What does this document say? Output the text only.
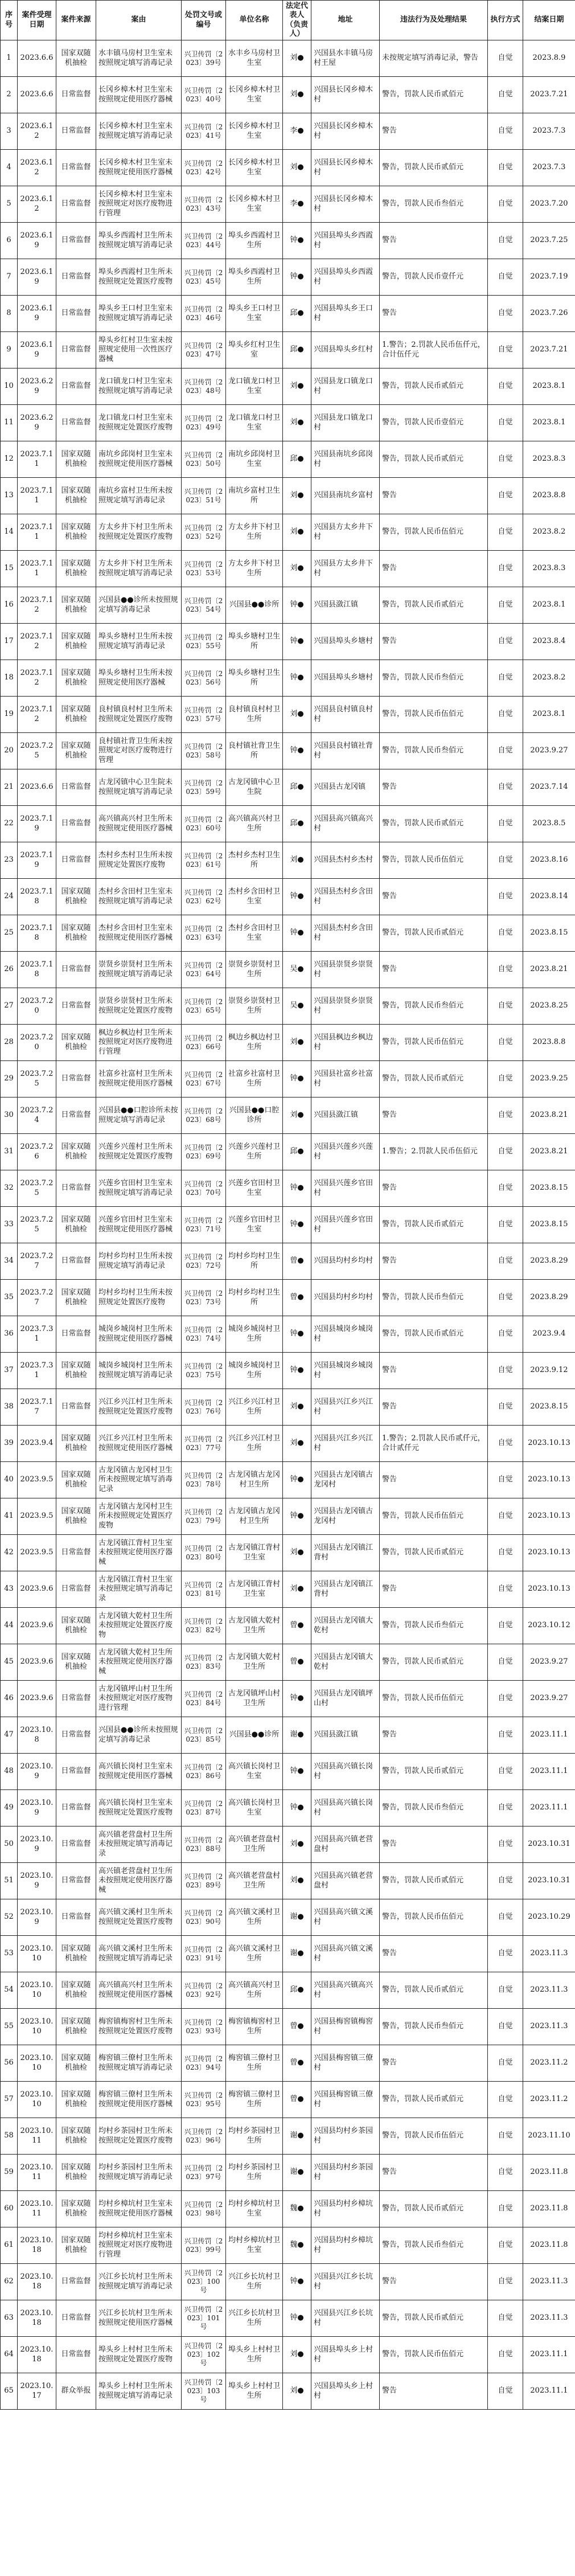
序号	案件受理日期	案件来源	案由	处罚文号或编号	单位名称	法定代表人（负责人）	地址	违法行为及处理结果	执行方式	结案日期
1	2023.6.6	国家双随机抽检	水丰镇马房村卫生室未按照规定填写消毒记录	兴卫传罚〔2023〕39号	水丰乡马房村卫生室	刘●	兴国县水丰镇马房村王屋	未按规定填写消毒记录，警告	自觉	2023.8.9
2	2023.6.6	日常监督	长冈乡樟木村卫生室未按照规定使用医疗器械	兴卫传罚〔2023〕40号	长冈乡樟木村卫生室	刘●	兴国县长冈乡樟木村	警告，罚款人民币贰佰元	自觉	2023.7.21
3	2023.6.12	日常监督	长冈乡樟木村卫生室未按照规定填写消毒记录	兴卫传罚〔2023〕41号	长冈乡樟木村卫生室	李●	兴国县长冈乡樟木村	警告	自觉	2023.7.3
4	2023.6.12	日常监督	长冈乡樟木村卫生室未按照规定使用医疗器械	兴卫传罚〔2023〕42号	长冈乡樟木村卫生室	刘●	兴国县长冈乡樟木村	警告，罚款人民币贰佰元	自觉	2023.7.3
5	2023.6.12	日常监督	长冈乡樟木村卫生室未按照规定对医疗废物进行管理	兴卫传罚〔2023〕43号	长冈乡樟木村卫生室	李●	兴国县长冈乡樟木村	警告，罚款人民币叁佰元	自觉	2023.7.20
6	2023.6.19	日常监督	埠头乡西霞村卫生所未按照规定填写消毒记录	兴卫传罚〔2023〕44号	埠头乡西霞村卫生所	钟●	兴国县埠头乡西霞村	警告	自觉	2023.7.25
7	2023.6.19	日常监督	埠头乡西霞村卫生所未按照规定处置医疗废物	兴卫传罚〔2023〕45号	埠头乡西霞村卫生所	钟●	兴国县埠头乡西霞村	警告，罚款人民币壹仟元	自觉	2023.7.19
8	2023.6.19	日常监督	埠头乡王口村卫生室未按照规定填写消毒记录	兴卫传罚〔2023〕46号	埠头乡王口村卫生室	邱●	兴国县埠头乡王口村	警告	自觉	2023.7.26
9	2023.6.19	日常监督	埠头乡红村卫生室未按照规定使用一次性医疗器械	兴卫传罚〔2023〕47号	埠头乡红村卫生室	邱●	兴国县埠头乡红村	1.警告；2.罚款人民币伍仟元，合计伍仟元	自觉	2023.7.21
10	2023.6.29	日常监督	龙口镇龙口村卫生室未按照规定填写消毒记录	兴卫传罚〔2023〕48号	龙口镇龙口村卫生室	刘●	兴国县龙口镇龙口村	警告，罚款人民币贰佰元	自觉	2023.8.1
11	2023.6.29	日常监督	龙口镇龙口村卫生室未按照规定处置医疗废物	兴卫传罚〔2023〕49号	龙口镇龙口村卫生室	刘●	兴国县龙口镇龙口村	警告，罚款人民币壹佰元	自觉	2023.8.1
12	2023.7.11	国家双随机抽检	南坑乡邱岗村卫生室未按照规定使用医疗器械	兴卫传罚〔2023〕50号	南坑乡邱岗村卫生室	邱●	兴国县南坑乡邱岗村	警告，罚款人民币贰佰元	自觉	2023.8.3
13	2023.7.11	国家双随机抽检	南坑乡富村卫生所未按照规定填写消毒记录	兴卫传罚〔2023〕51号	南坑乡富村卫生所	刘●	兴国县南坑乡富村	警告	自觉	2023.8.8
14	2023.7.11	国家双随机抽检	方太乡井下村卫生所未按照规定处置医疗废物	兴卫传罚〔2023〕52号	方太乡井下村卫生所	刘●	兴国县方太乡井下村	警告，罚款人民币伍佰元	自觉	2023.8.2
15	2023.7.11	国家双随机抽检	方太乡井下村卫生所未按照规定填写消毒记录	兴卫传罚〔2023〕53号	方太乡井下村卫生所	刘●	兴国县方太乡井下村	警告	自觉	2023.8.3
16	2023.7.12	国家双随机抽检	兴国县●●诊所未按照规定填写消毒记录	兴卫传罚〔2023〕54号	兴国县●●诊所	钟●	兴国县潋江镇	警告，罚款人民币贰佰元	自觉	2023.8.1
17	2023.7.12	国家双随机抽检	埠头乡塘村卫生所未按照规定填写消毒记录	兴卫传罚〔2023〕55号	埠头乡塘村卫生所	钟●	兴国县埠头乡塘村	警告	自觉	2023.8.4
18	2023.7.12	国家双随机抽检	埠头乡塘村卫生所未按照规定使用医疗器械	兴卫传罚〔2023〕56号	埠头乡塘村卫生所	钟●	兴国县埠头乡塘村	警告，罚款人民币叁佰元	自觉	2023.8.2
19	2023.7.12	国家双随机抽检	良村镇良村村卫生所未按照规定处置医疗废物	兴卫传罚〔2023〕57号	良村镇良村村卫生所	刘●	兴国县良村镇良村村	警告，罚款人民币伍佰元	自觉	2023.8.1
20	2023.7.25	国家双随机抽检	良村镇社背卫生所未按照规定对医疗废物进行管理	兴卫传罚〔2023〕58号	良村镇社背卫生所	钟●	兴国县良村镇社背村	警告，罚款人民币叁佰元	自觉	2023.9.27
21	2023.6.6	日常监督	古龙冈镇中心卫生院未按照规定填写消毒记录	兴卫传罚〔2023〕59号	古龙冈镇中心卫生院	邱●	兴国县古龙冈镇	警告	自觉	2023.7.14
22	2023.7.19	日常监督	高兴镇高兴村卫生所未按照规定使用医疗器械	兴卫传罚〔2023〕60号	高兴镇高兴村卫生所	邱●	兴国县高兴镇高兴村	警告，罚款人民币贰佰元	自觉	2023.8.5
23	2023.7.19	日常监督	杰村乡杰村卫生所未按照规定处置医疗废物	兴卫传罚〔2023〕61号	杰村乡杰村卫生所	刘●	兴国县杰村乡杰村	警告，罚款人民币伍佰元	自觉	2023.8.16
24	2023.7.18	国家双随机抽检	杰村乡含田村卫生室未按照规定填写消毒记录	兴卫传罚〔2023〕62号	杰村乡含田村卫生室	钟●	兴国县杰村乡含田村	警告	自觉	2023.8.14
25	2023.7.18	国家双随机抽检	杰村乡含田村卫生室未按照规定使用医疗器械	兴卫传罚〔2023〕63号	杰村乡含田村卫生室	钟●	兴国县杰村乡含田村	警告，罚款人民币贰佰元	自觉	2023.8.15
26	2023.7.18	日常监督	崇贤乡崇贤村卫生所未按照规定填写消毒记录	兴卫传罚〔2023〕64号	崇贤乡崇贤村卫生所	吴●	兴国县崇贤乡崇贤村	警告	自觉	2023.8.21
27	2023.7.20	日常监督	崇贤乡崇贤村卫生所未按照规定处置医疗废物	兴卫传罚〔2023〕65号	崇贤乡崇贤村卫生所	吴●	兴国县崇贤乡崇贤村	警告，罚款人民币叁佰元	自觉	2023.8.25
28	2023.7.20	国家双随机抽检	枫边乡枫边村卫生所未按照规定对医疗废物进行管理	兴卫传罚〔2023〕66号	枫边乡枫边村卫生所	刘●	兴国县枫边乡枫边村	警告，罚款人民币伍佰元	自觉	2023.8.8
29	2023.7.25	日常监督	社富乡社富村卫生所未按照规定使用医疗器械	兴卫传罚〔2023〕67号	社富乡社富村卫生所	钟●	兴国县社富乡社富村	警告，罚款人民币贰佰元	自觉	2023.9.25
30	2023.7.24	日常监督	兴国县●●口腔诊所未按照规定填写消毒记录	兴卫传罚〔2023〕68号	兴国县●●口腔诊所	刘●	兴国县潋江镇	警告	自觉	2023.8.21
31	2023.7.26	国家双随机抽检	兴莲乡兴莲村卫生所未按照规定处置医疗废物	兴卫传罚〔2023〕69号	兴莲乡兴莲村卫生所	邱●	兴国县兴莲乡兴莲村	1.警告；2.罚款人民币伍佰元	自觉	2023.8.21
32	2023.7.25	日常监督	兴莲乡官田村卫生室未按照规定填写消毒记录	兴卫传罚〔2023〕70号	兴莲乡官田村卫生室	钟●	兴国县兴莲乡官田村	警告	自觉	2023.8.15
33	2023.7.25	国家双随机抽检	兴莲乡官田村卫生室未按照规定使用医疗器械	兴卫传罚〔2023〕71号	兴莲乡官田村卫生室	钟●	兴国县兴莲乡官田村	警告，罚款人民币贰佰元	自觉	2023.8.15
34	2023.7.27	日常监督	均村乡均村卫生所未按照规定填写消毒记录	兴卫传罚〔2023〕72号	均村乡均村卫生所	曾●	兴国县均村乡均村	警告	自觉	2023.8.29
35	2023.7.27	国家双随机抽检	均村乡均村卫生所未按照规定处置医疗废物	兴卫传罚〔2023〕73号	均村乡均村卫生所	曾●	兴国县均村乡均村	警告，罚款人民币叁佰元	自觉	2023.8.29
36	2023.7.31	日常监督	城岗乡城岗村卫生所未按照规定使用医疗器械	兴卫传罚〔2023〕74号	城岗乡城岗村卫生所	钟●	兴国县城岗乡城岗村	警告，罚款人民币贰佰元	自觉	2023.9.4
37	2023.7.31	国家双随机抽检	城岗乡城岗村卫生所未按照规定填写消毒记录	兴卫传罚〔2023〕75号	城岗乡城岗村卫生所	钟●	兴国县城岗乡城岗村	警告	自觉	2023.9.12
38	2023.7.17	日常监督	兴江乡兴江村卫生所未按照规定处置医疗废物	兴卫传罚〔2023〕76号	兴江乡兴江村卫生所	刘●	兴国县兴江乡兴江村	警告	自觉	2023.8.15
39	2023.9.4	国家双随机抽检	兴江乡兴江村卫生所未按照规定使用医疗器械	兴卫传罚〔2023〕77号	兴江乡兴江村卫生所	刘●	兴国县兴江乡兴江村	1.警告；2.罚款人民币贰仟元，合计贰仟元	自觉	2023.10.13
40	2023.9.5	国家双随机抽检	古龙冈镇古龙冈村卫生所未按照规定填写消毒记录	兴卫传罚〔2023〕78号	古龙冈镇古龙冈村卫生所	钟●	兴国县古龙冈镇古龙冈村	警告	自觉	2023.10.13
41	2023.9.5	国家双随机抽检	古龙冈镇古龙冈村卫生所未按照规定处置医疗废物	兴卫传罚〔2023〕79号	古龙冈镇古龙冈村卫生所	钟●	兴国县古龙冈镇古龙冈村	警告，罚款人民币伍佰元	自觉	2023.10.13
42	2023.9.5	日常监督	古龙冈镇江背村卫生室未按照规定使用医疗器械	兴卫传罚〔2023〕80号	古龙冈镇江背村卫生室	刘●	兴国县古龙冈镇江背村	警告，罚款人民币贰佰元	自觉	2023.10.13
43	2023.9.6	日常监督	古龙冈镇江背村卫生室未按照规定填写消毒记录	兴卫传罚〔2023〕81号	古龙冈镇江背村卫生室	刘●	兴国县古龙冈镇江背村	警告	自觉	2023.10.13
44	2023.9.6	国家双随机抽检	古龙冈镇大乾村卫生所未按照规定处置医疗废物	兴卫传罚〔2023〕82号	古龙冈镇大乾村卫生所	曾●	兴国县古龙冈镇大乾村	警告，罚款人民币叁佰元	自觉	2023.10.12
45	2023.9.6	国家双随机抽检	古龙冈镇大乾村卫生所未按照规定使用医疗器械	兴卫传罚〔2023〕83号	古龙冈镇大乾村卫生所	曾●	兴国县古龙冈镇大乾村	警告，罚款人民币贰佰元	自觉	2023.9.27
46	2023.9.6	日常监督	古龙冈镇坪山村卫生所未按照规定对医疗废物进行管理	兴卫传罚〔2023〕84号	古龙冈镇坪山村卫生所	钟●	兴国县古龙冈镇坪山村	警告，罚款人民币伍佰元	自觉	2023.9.27
47	2023.10.8	日常监督	兴国县●●诊所未按照规定填写消毒记录	兴卫传罚〔2023〕85号	兴国县●●诊所	谢●	兴国县潋江镇	警告	自觉	2023.11.1
48	2023.10.9	日常监督	高兴镇长岗村卫生室未按照规定使用医疗器械	兴卫传罚〔2023〕86号	高兴镇长岗村卫生室	钟●	兴国县高兴镇长岗村	警告，罚款人民币贰佰元	自觉	2023.11.1
49	2023.10.9	日常监督	高兴镇长岗村卫生室未按照规定处置医疗废物	兴卫传罚〔2023〕87号	高兴镇长岗村卫生室	钟●	兴国县高兴镇长岗村	警告，罚款人民币叁佰元	自觉	2023.11.1
50	2023.10.9	日常监督	高兴镇老营盘村卫生所未按照规定填写消毒记录	兴卫传罚〔2023〕88号	高兴镇老营盘村卫生所	刘●	兴国县高兴镇老营盘村	警告	自觉	2023.10.31
51	2023.10.9	日常监督	高兴镇老营盘村卫生所未按照规定使用医疗器械	兴卫传罚〔2023〕89号	高兴镇老营盘村卫生所	刘●	兴国县高兴镇老营盘村	警告，罚款人民币贰佰元	自觉	2023.10.31
52	2023.10.9	日常监督	高兴镇文溪村卫生所未按照规定处置医疗废物	兴卫传罚〔2023〕90号	高兴镇文溪村卫生所	谢●	兴国县高兴镇文溪村	警告，罚款人民币伍佰元	自觉	2023.10.29
53	2023.10.10	国家双随机抽检	高兴镇文溪村卫生所未按照规定填写消毒记录	兴卫传罚〔2023〕91号	高兴镇文溪村卫生所	谢●	兴国县高兴镇文溪村	警告	自觉	2023.11.3
54	2023.10.10	国家双随机抽检	高兴镇高兴村卫生所未按照规定使用医疗器械	兴卫传罚〔2023〕92号	高兴镇高兴村卫生所	邱●	兴国县高兴镇高兴村	警告，罚款人民币贰佰元	自觉	2023.11.3
55	2023.10.10	国家双随机抽检	梅窖镇梅窖村卫生所未按照规定处置医疗废物	兴卫传罚〔2023〕93号	梅窖镇梅窖村卫生所	曾●	兴国县梅窖镇梅窖村	警告，罚款人民币叁佰元	自觉	2023.11.3
56	2023.10.10	国家双随机抽检	梅窖镇三僚村卫生所未按照规定填写消毒记录	兴卫传罚〔2023〕94号	梅窖镇三僚村卫生所	曾●	兴国县梅窖镇三僚村	警告	自觉	2023.11.2
57	2023.10.10	国家双随机抽检	梅窖镇三僚村卫生所未按照规定使用医疗器械	兴卫传罚〔2023〕95号	梅窖镇三僚村卫生所	曾●	兴国县梅窖镇三僚村	警告，罚款人民币贰佰元	自觉	2023.11.2
58	2023.10.11	国家双随机抽检	均村乡茶园村卫生所未按照规定处置医疗废物	兴卫传罚〔2023〕96号	均村乡茶园村卫生所	谢●	兴国县均村乡茶园村	警告，罚款人民币伍佰元	自觉	2023.11.10
59	2023.10.11	国家双随机抽检	均村乡茶园村卫生所未按照规定填写消毒记录	兴卫传罚〔2023〕97号	均村乡茶园村卫生所	谢●	兴国县均村乡茶园村	警告	自觉	2023.11.8
60	2023.10.11	国家双随机抽检	均村乡樟坑村卫生室未按照规定使用医疗器械	兴卫传罚〔2023〕98号	均村乡樟坑村卫生室	魏●	兴国县均村乡樟坑村	警告，罚款人民币贰佰元	自觉	2023.11.8
61	2023.10.18	国家双随机抽检	均村乡樟坑村卫生室未按照规定对医疗废物进行管理	兴卫传罚〔2023〕99号	均村乡樟坑村卫生室	魏●	兴国县均村乡樟坑村	警告，罚款人民币叁佰元	自觉	2023.11.8
62	2023.10.18	日常监督	兴江乡长坑村卫生所未按照规定填写消毒记录	兴卫传罚〔2023〕100号	兴江乡长坑村卫生所	钟●	兴国县兴江乡长坑村	警告	自觉	2023.11.3
63	2023.10.18	日常监督	兴江乡长坑村卫生所未按照规定使用医疗器械	兴卫传罚〔2023〕101号	兴江乡长坑村卫生所	钟●	兴国县兴江乡长坑村	警告，罚款人民币贰佰元	自觉	2023.11.3
64	2023.10.18	日常监督	埠头乡上村村卫生所未按照规定处置医疗废物	兴卫传罚〔2023〕102号	埠头乡上村村卫生所	刘●	兴国县埠头乡上村村	警告，罚款人民币伍佰元	自觉	2023.11.1
65	2023.10.17	群众举报	埠头乡上村村卫生所未按照规定填写消毒记录	兴卫传罚〔2023〕103号	埠头乡上村村卫生所	刘●	兴国县埠头乡上村村	警告	自觉	2023.11.1
